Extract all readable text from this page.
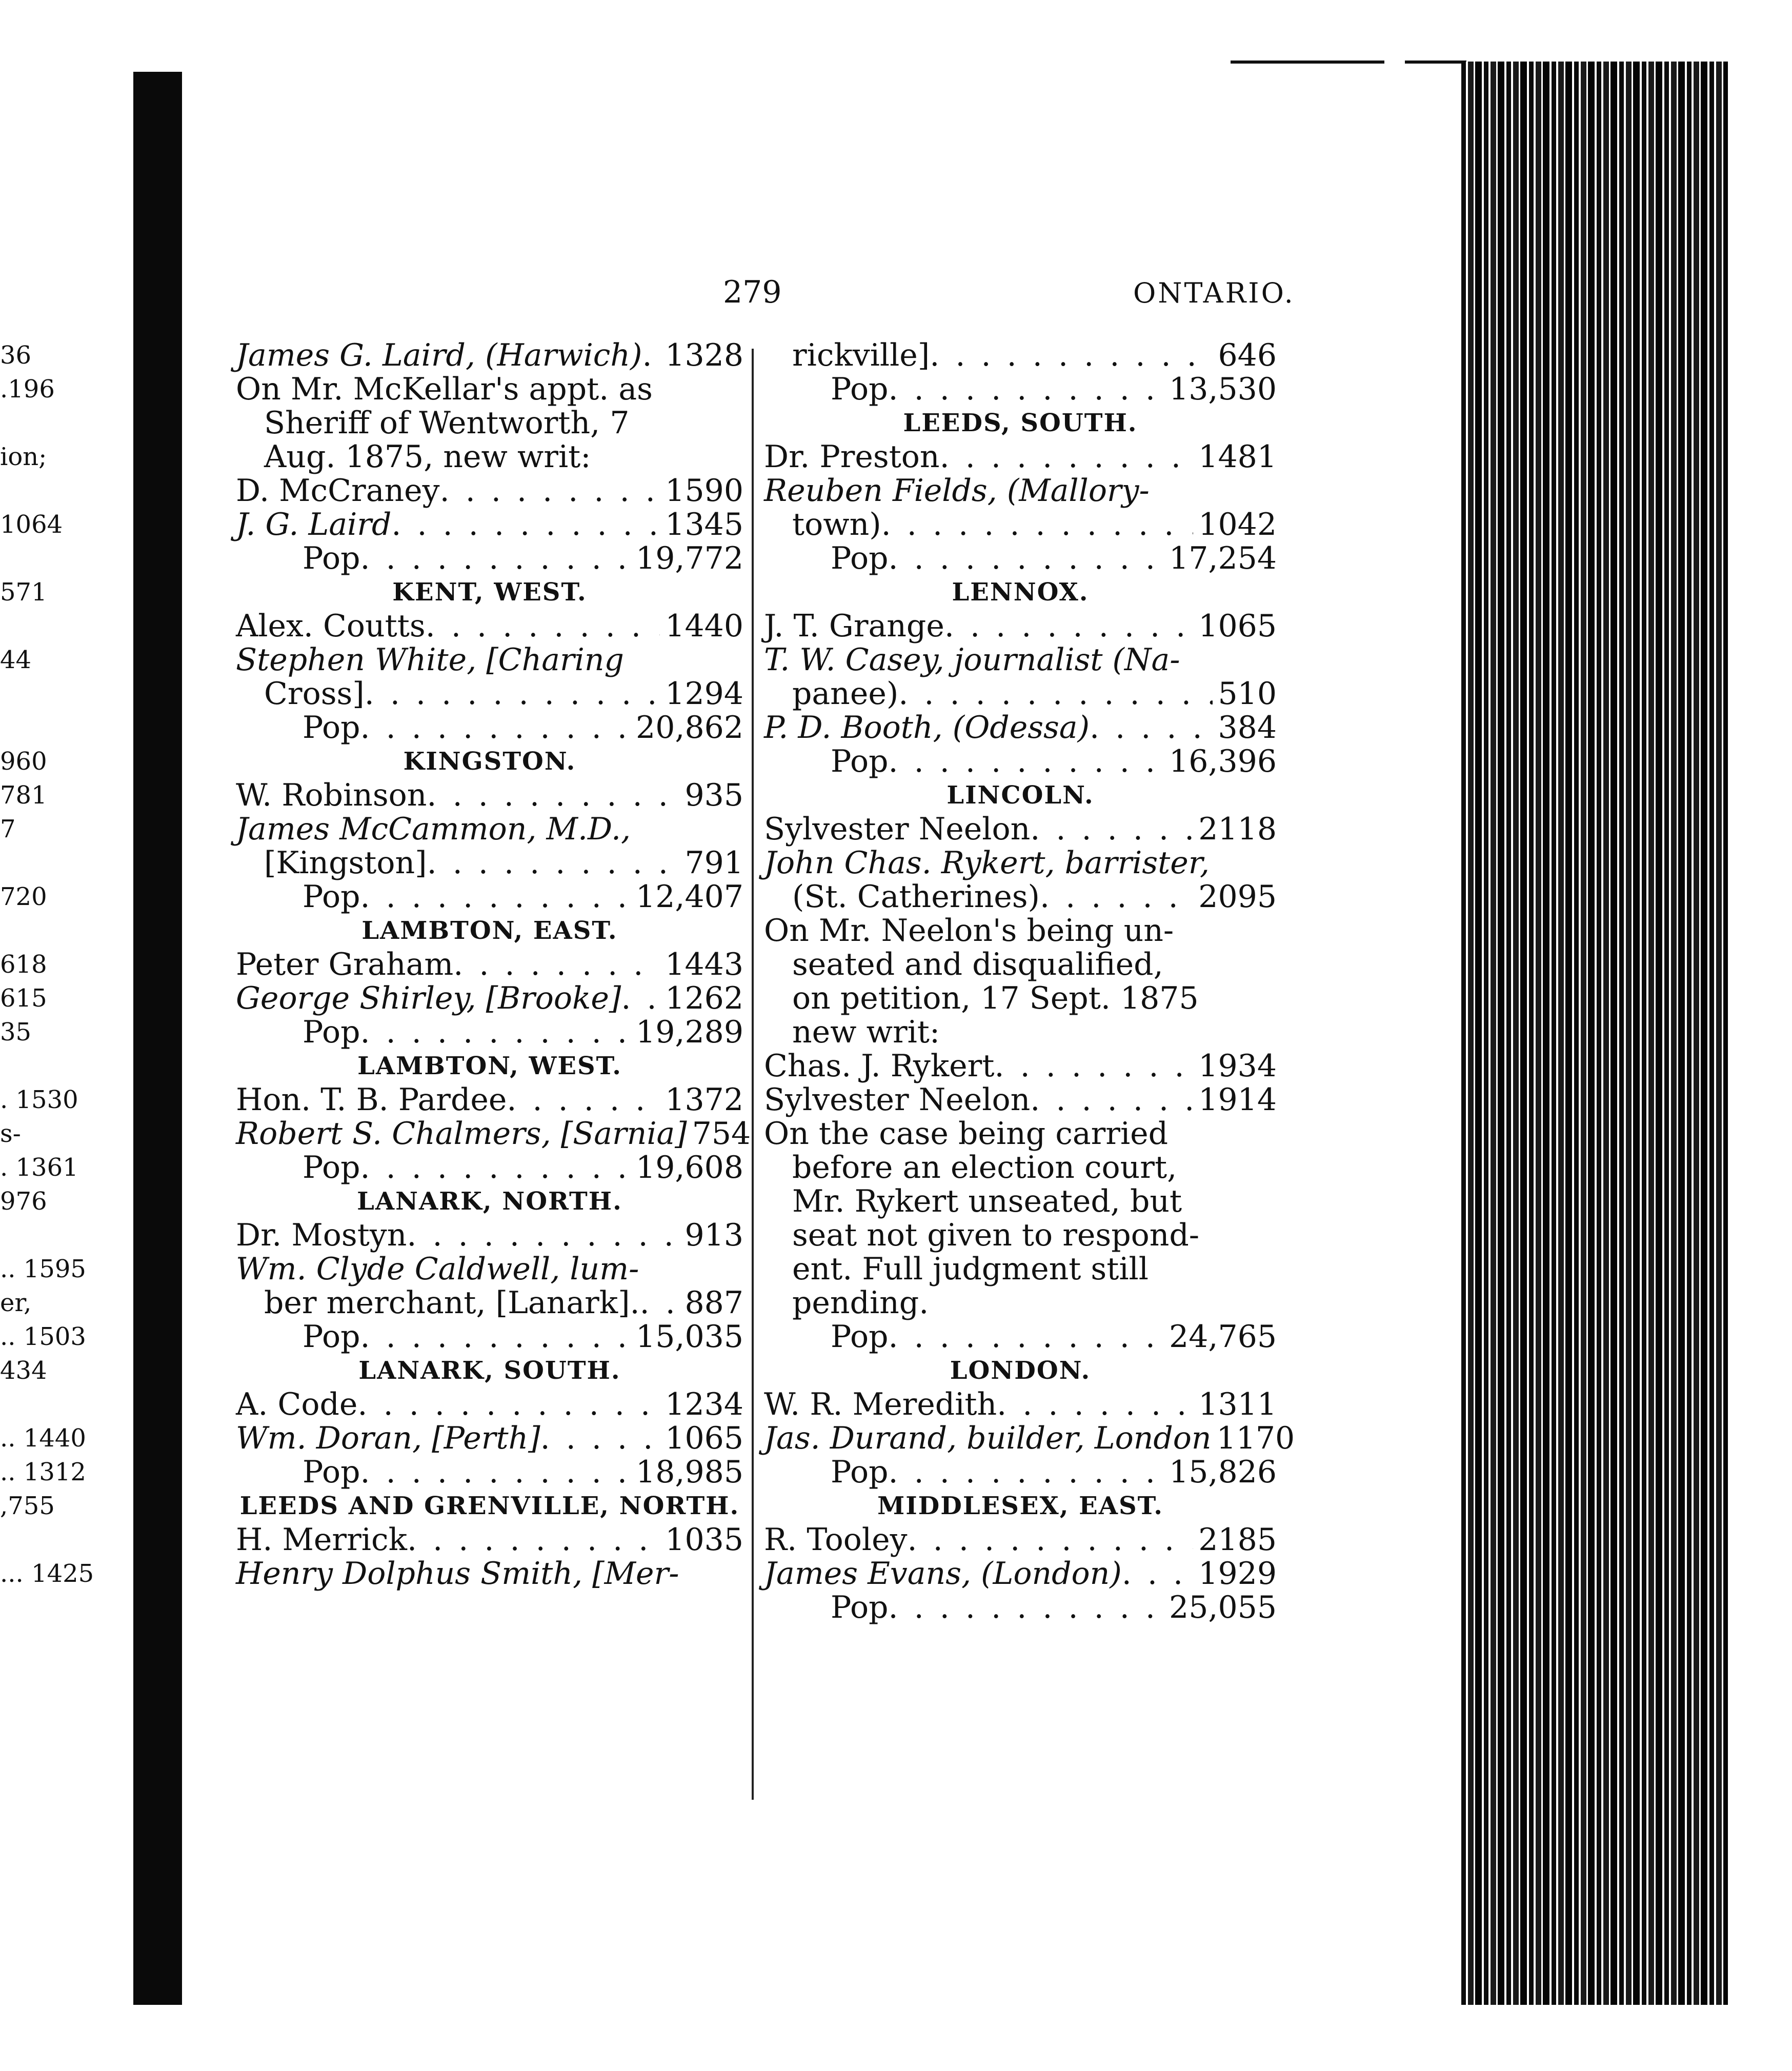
279	ONTARIO.
36
.196
ion;
1064
571
44
960
781
7
720
618
615
35
. 1530
s-
. 1361
976
.. 1595
er,
.. 1503
434
.. 1440
.. 1312
,755
... 1425
James G. Laird, (Harwich) . . . 1328
On Mr. McKellar's appt. as
Sheriff of Wentworth, 7
Aug. 1875, new writ:
D. McCraney . . .	1590
J. G. Laird . . .	1345
Pop . . .	19,772
KENT, WEST.
Alex. Coutts . . .	1440
Stephen White, [Charing
Cross] . . .	1294
Pop . . .	20,862
KINGSTON.
W. Robinson . . .	935
James McCammon, M.D.,
[Kingston] . . .	791
Pop . . .	12,407
LAMBTON, EAST.
Peter Graham . . .	1443
George Shirley, [Brooke] . . . 1262
Pop . . .	19,289
LAMBTON, WEST.
Hon. T. B. Pardee . . .	1372
Robert S. Chalmers, [Sarnia] 754
Pop . . .	19,608
LANARK, NORTH.
Dr. Mostyn . . .	913
Wm. Clyde Caldwell, lum-
ber merchant, [Lanark]. . . . 887
Pop . . .	15,035
LANARK, SOUTH.
A. Code . . .	1234
Wm. Doran, [Perth] . . .	1065
Pop . . .	18,985
LEEDS AND GRENVILLE, NORTH.
H. Merrick . . .	1035
Henry Dolphus Smith, [Mer-
rickville] . . .	646
Pop . . .	13,530
LEEDS, SOUTH.
Dr. Preston . . .	1481
Reuben Fields, (Mallory-
town) . . .	1042
Pop . . .	17,254
LENNOX.
J. T. Grange . . .	1065
T. W. Casey, journalist (Na-
panee) . . .	510
P. D. Booth, (Odessa) . . .	384
Pop . . .	16,396
LINCOLN.
Sylvester Neelon . . .	2118
John Chas. Rykert, barrister,
(St. Catherines) . . .	2095
On Mr. Neelon's being un-
seated and disqualified,
on petition, 17 Sept. 1875
new writ:
Chas. J. Rykert . . .	1934
Sylvester Neelon . . .	1914
On the case being carried
before an election court,
Mr. Rykert unseated, but
seat not given to respond-
ent. Full judgment still
pending.
Pop . . .	24,765
LONDON.
W. R. Meredith . . .	1311
Jas. Durand, builder, London 1170
Pop . . .	15,826
MIDDLESEX, EAST.
R. Tooley . . .	2185
James Evans, (London) . . . 1929
Pop . . .	25,055
